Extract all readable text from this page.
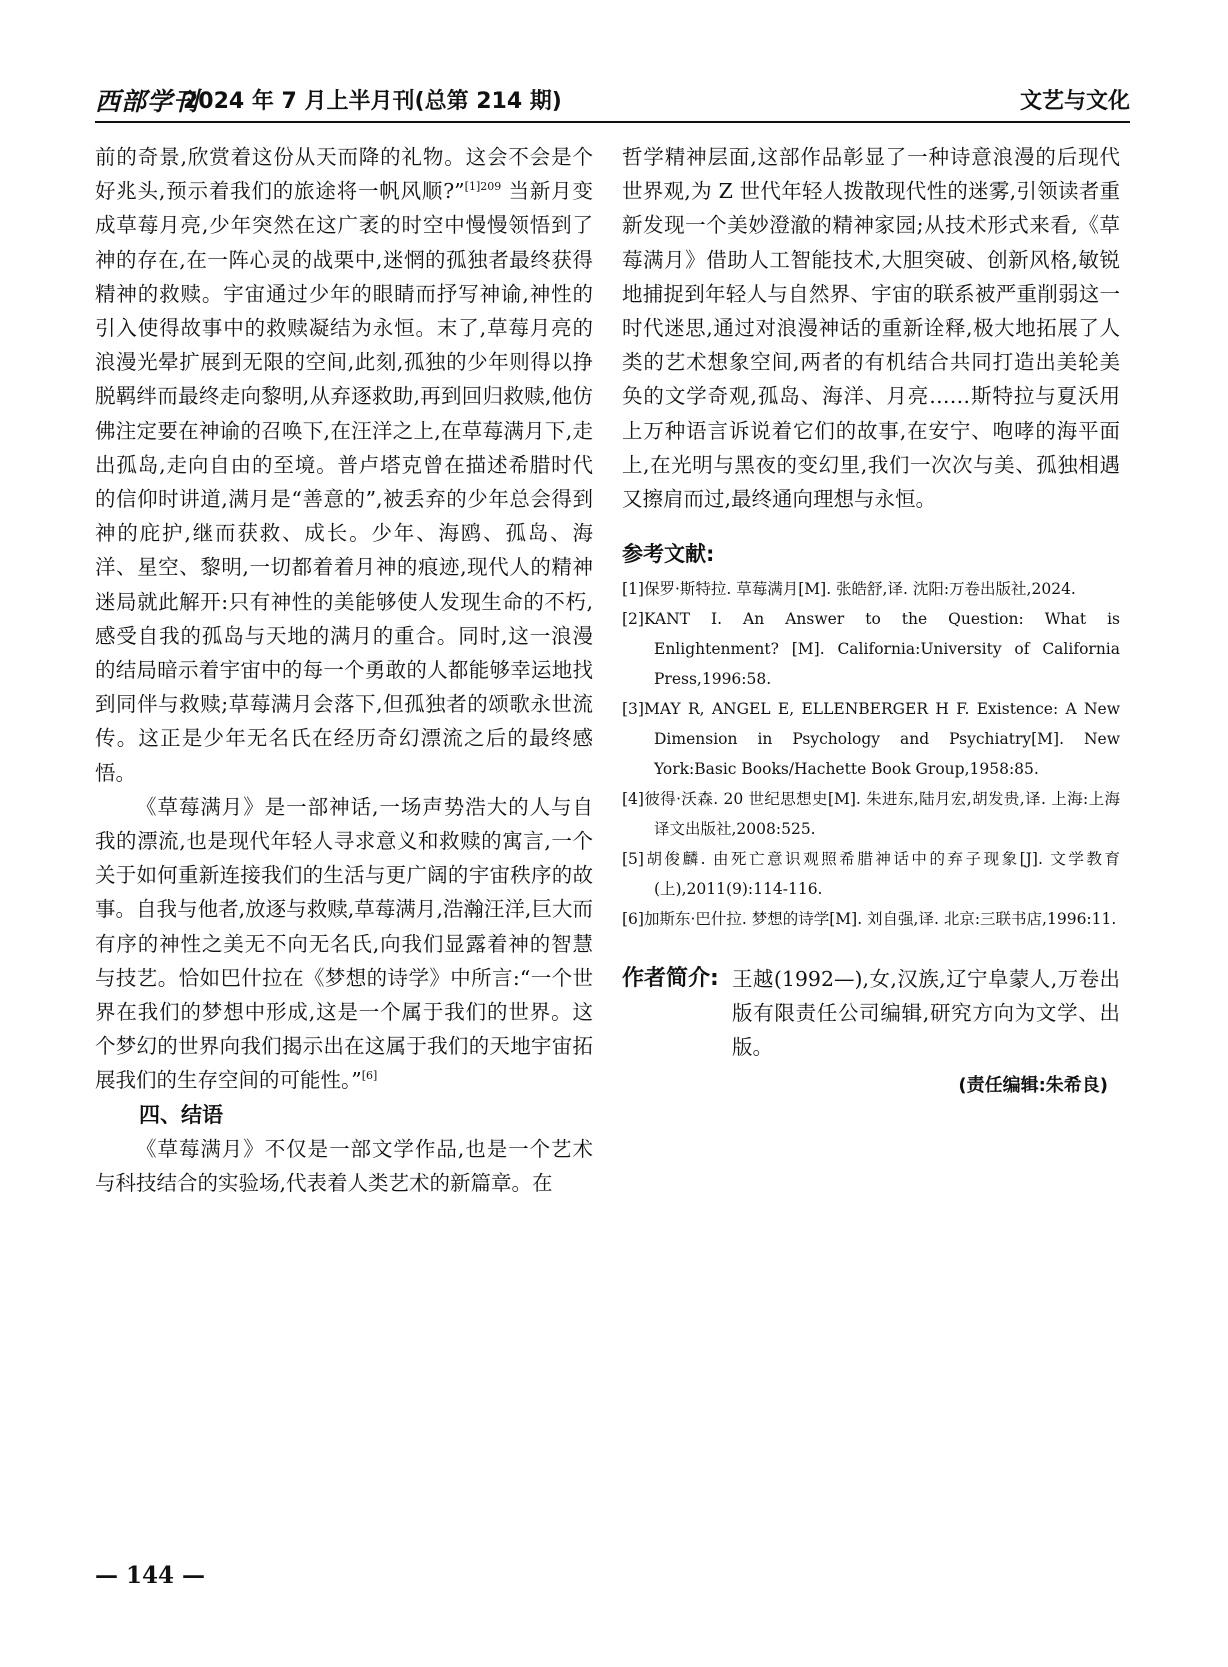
西部学刊
2024 年 7 月上半月刊(总第 214 期)	文艺与文化

前的奇景,欣赏着这份从天而降的礼物。这会不会是个好兆头,预示着我们的旅途将一帆风顺?”$^{[1]209}$ 当新月变成草莓月亮,少年突然在这广袤的时空中慢慢领悟到了神的存在,在一阵心灵的战栗中,迷惘的孤独者最终获得精神的救赎。宇宙通过少年的眼睛而抒写神谕,神性的引入使得故事中的救赎凝结为永恒。末了,草莓月亮的浪漫光晕扩展到无限的空间,此刻,孤独的少年则得以挣脱羁绊而最终走向黎明,从弃逐救助,再到回归救赎,他仿佛注定要在神谕的召唤下,在汪洋之上,在草莓满月下,走出孤岛,走向自由的至境。普卢塔克曾在描述希腊时代的信仰时讲道,满月是“善意的”,被丢弃的少年总会得到神的庇护,继而获救、成长。少年、海鸥、孤岛、海洋、星空、黎明,一切都着着月神的痕迹,现代人的精神迷局就此解开:只有神性的美能够使人发现生命的不朽,感受自我的孤岛与天地的满月的重合。同时,这一浪漫的结局暗示着宇宙中的每一个勇敢的人都能够幸运地找到同伴与救赎;草莓满月会落下,但孤独者的颂歌永世流传。这正是少年无名氏在经历奇幻漂流之后的最终感悟。

《草莓满月》是一部神话,一场声势浩大的人与自我的漂流,也是现代年轻人寻求意义和救赎的寓言,一个关于如何重新连接我们的生活与更广阔的宇宙秩序的故事。自我与他者,放逐与救赎,草莓满月,浩瀚汪洋,巨大而有序的神性之美无不向无名氏,向我们显露着神的智慧与技艺。恰如巴什拉在《梦想的诗学》中所言:“一个世界在我们的梦想中形成,这是一个属于我们的世界。这个梦幻的世界向我们揭示出在这属于我们的天地宇宙拓展我们的生存空间的可能性。”[6]

四、结语

《草莓满月》不仅是一部文学作品,也是一个艺术与科技结合的实验场,代表着人类艺术的新篇章。在

哲学精神层面,这部作品彰显了一种诗意浪漫的后现代世界观,为 Z 世代年轻人拨散现代性的迷雾,引领读者重新发现一个美妙澄澈的精神家园;从技术形式来看,《草莓满月》借助人工智能技术,大胆突破、创新风格,敏锐地捕捉到年轻人与自然界、宇宙的联系被严重削弱这一时代迷思,通过对浪漫神话的重新诠释,极大地拓展了人类的艺术想象空间,两者的有机结合共同打造出美轮美奂的文学奇观,孤岛、海洋、月亮……斯特拉与夏沃用上万种语言诉说着它们的故事,在安宁、咆哮的海平面上,在光明与黑夜的变幻里,我们一次次与美、孤独相遇又擦肩而过,最终通向理想与永恒。

参考文献:
[1]保罗·斯特拉. 草莓满月[M]. 张皓舒,译. 沈阳:万卷出版社,2024.
[2]KANT I. An Answer to the Question: What is Enlightenment? [M]. California:University of California Press,1996:58.
[3]MAY R, ANGEL E, ELLENBERGER H F. Existence: A New Dimension in Psychology and Psychiatry[M]. New York:Basic Books/Hachette Book Group,1958:85.
[4]彼得·沃森. 20 世纪思想史[M]. 朱进东,陆月宏,胡发贵,译. 上海:上海译文出版社,2008:525.
[5]胡俊麟. 由死亡意识观照希腊神话中的弃子现象[J]. 文学教育(上),2011(9):114-116.
[6]加斯东·巴什拉. 梦想的诗学[M]. 刘自强,译. 北京:三联书店,1996:11.
作者简介: 王越(1992—),女,汉族,辽宁阜蒙人,万卷出版有限责任公司编辑,研究方向为文学、出版。

(责任编辑:朱希良)
— 144 —
